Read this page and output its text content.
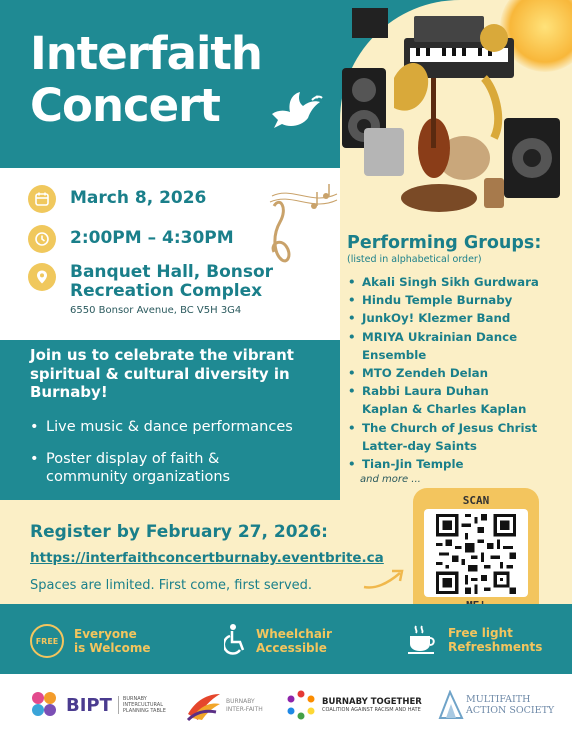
Interfaith
Concert
March 8, 2026
2:00PM – 4:30PM
Banquet Hall, Bonsor
Recreation Complex
6550 Bonsor Avenue, BC V5H 3G4
Join us to celebrate the vibrant spiritual & cultural diversity in Burnaby!
• Live music & dance performances
• Poster display of faith & community organizations
Performing Groups:
(listed in alphabetical order)
• Akali Singh Sikh Gurdwara
• Hindu Temple Burnaby
• JunkOy! Klezmer Band
• MRIYA Ukrainian Dance Ensemble
• MTO Zendeh Delan
• Rabbi Laura Duhan Kaplan & Charles Kaplan
• The Church of Jesus Christ Latter-day Saints
• Tian-Jin Temple
and more ...
Register by February 27, 2026:
https://interfaithconcertburnaby.eventbrite.ca
Spaces are limited. First come, first served.
SCAN
FREE Everyone
is Welcome
Wheelchair
Accessible
Free light
Refreshments
BIPT BURNABY
INTERCULTURAL
PLANNING TABLE
BURNABY
INTER-FAITH
BURNABY TOGETHER
COALITION AGAINST RACISM AND HATE
MULTIFAITH
ACTION SOCIETY
